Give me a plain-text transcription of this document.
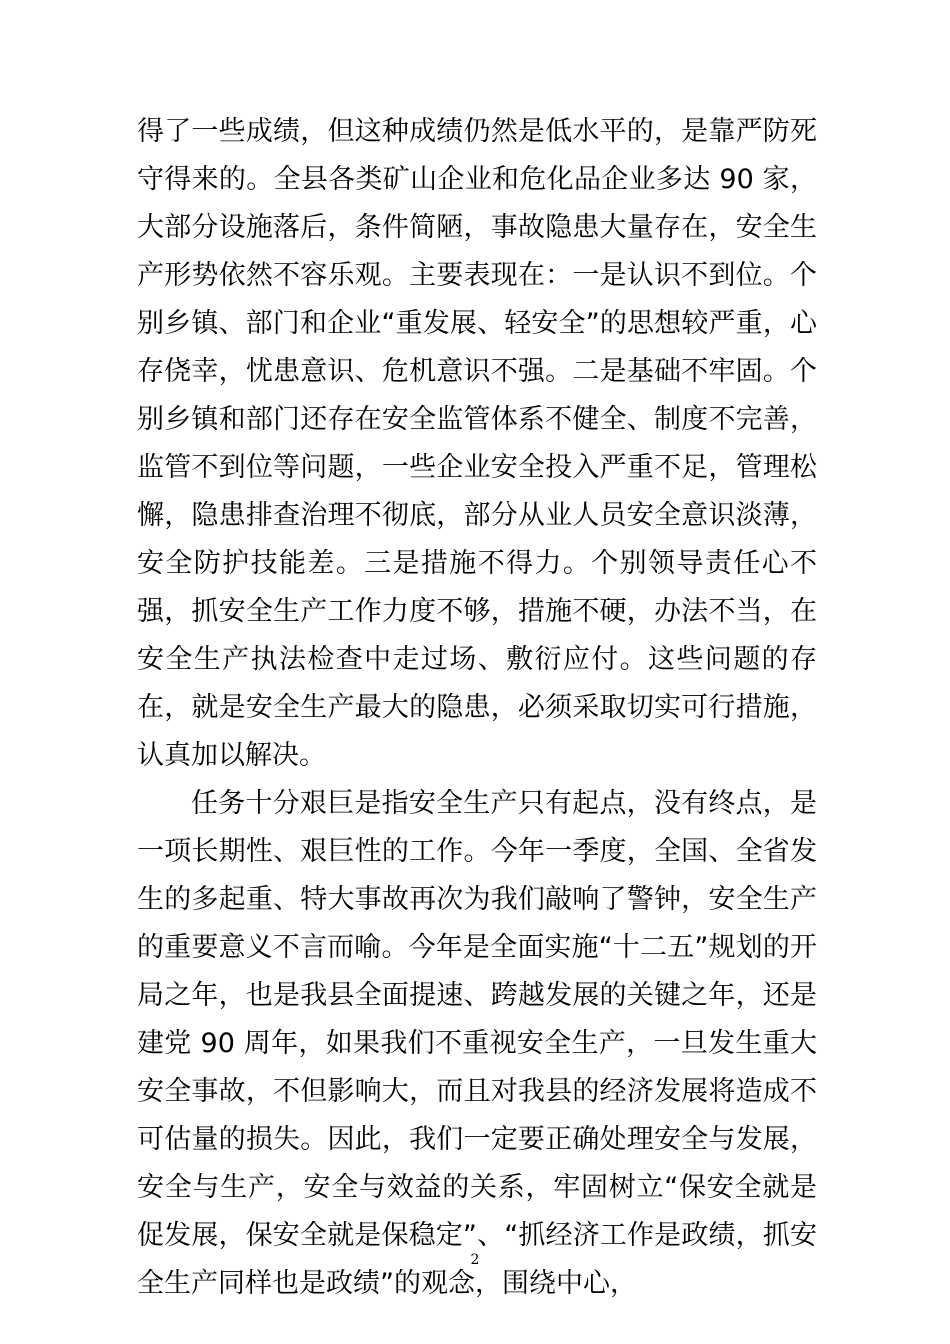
得了一些成绩，但这种成绩仍然是低水平的，是靠严防死守得来的。全县各类矿山企业和危化品企业多达 90 家，大部分设施落后，条件简陋，事故隐患大量存在，安全生产形势依然不容乐观。主要表现在：一是认识不到位。个别乡镇、部门和企业“重发展、轻安全”的思想较严重，心存侥幸，忧患意识、危机意识不强。二是基础不牢固。个别乡镇和部门还存在安全监管体系不健全、制度不完善，监管不到位等问题，一些企业安全投入严重不足，管理松懈，隐患排查治理不彻底，部分从业人员安全意识淡薄，安全防护技能差。三是措施不得力。个别领导责任心不强，抓安全生产工作力度不够，措施不硬，办法不当，在安全生产执法检查中走过场、敷衍应付。这些问题的存在，就是安全生产最大的隐患，必须采取切实可行措施，认真加以解决。

任务十分艰巨是指安全生产只有起点，没有终点，是一项长期性、艰巨性的工作。今年一季度，全国、全省发生的多起重、特大事故再次为我们敲响了警钟，安全生产的重要意义不言而喻。今年是全面实施“十二五”规划的开局之年，也是我县全面提速、跨越发展的关键之年，还是建党 90 周年，如果我们不重视安全生产，一旦发生重大安全事故，不但影响大，而且对我县的经济发展将造成不可估量的损失。因此，我们一定要正确处理安全与发展，安全与生产，安全与效益的关系，牢固树立“保安全就是促发展，保安全就是保稳定”、“抓经济工作是政绩，抓安全生产同样也是政绩”的观念，围绕中心，

2
